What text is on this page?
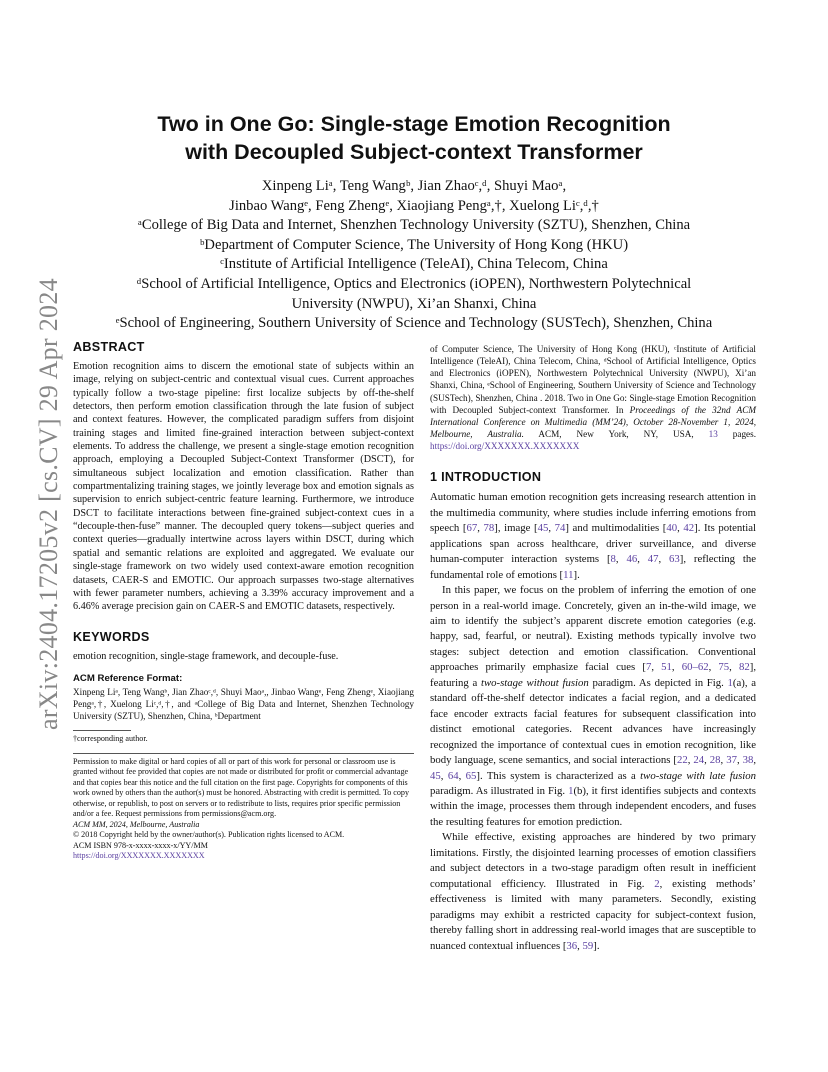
arXiv:2404.17205v2 [cs.CV] 29 Apr 2024
Two in One Go: Single-stage Emotion Recognition
with Decoupled Subject-context Transformer

Xinpeng Liᵃ, Teng Wangᵇ, Jian Zhaoᶜ,ᵈ, Shuyi Maoᵃ,

Jinbao Wangᵉ, Feng Zhengᵉ, Xiaojiang Pengᵃ,†, Xuelong Liᶜ,ᵈ,†

ᵃCollege of Big Data and Internet, Shenzhen Technology University (SZTU), Shenzhen, China

ᵇDepartment of Computer Science, The University of Hong Kong (HKU)

ᶜInstitute of Artificial Intelligence (TeleAI), China Telecom, China

ᵈSchool of Artificial Intelligence, Optics and Electronics (iOPEN), Northwestern Polytechnical

University (NWPU), Xi’an Shanxi, China

ᵉSchool of Engineering, Southern University of Science and Technology (SUSTech), Shenzhen, China

ABSTRACT
Emotion recognition aims to discern the emotional state of subjects within an image, relying on subject-centric and contextual visual cues. Current approaches typically follow a two-stage pipeline: first localize subjects by off-the-shelf detectors, then perform emotion classification through the late fusion of subject and context features. However, the complicated paradigm suffers from disjoint training stages and limited fine-grained interaction between subject-context elements. To address the challenge, we present a single-stage emotion recognition approach, employing a Decoupled Subject-Context Transformer (DSCT), for simultaneous subject localization and emotion classification. Rather than compartmentalizing training stages, we jointly leverage box and emotion signals as supervision to enrich subject-centric feature learning. Furthermore, we introduce DSCT to facilitate interactions between fine-grained subject-context cues in a “decouple-then-fuse” manner. The decoupled query tokens—subject queries and context queries—gradually intertwine across layers within DSCT, during which spatial and semantic relations are exploited and aggregated. We evaluate our single-stage framework on two widely used context-aware emotion recognition datasets, CAER-S and EMOTIC. Our approach surpasses two-stage alternatives with fewer parameter numbers, achieving a 3.39% accuracy improvement and a 6.46% average precision gain on CAER-S and EMOTIC datasets, respectively.
KEYWORDS
emotion recognition, single-stage framework, and decouple-fuse.
ACM Reference Format:
Xinpeng Liᵃ, Teng Wangᵇ, Jian Zhaoᶜ,ᵈ, Shuyi Maoᵃ,, Jinbao Wangᵉ, Feng Zhengᵉ, Xiaojiang Pengᵃ,†, Xuelong Liᶜ,ᵈ,†, and ᵃCollege of Big Data and Internet, Shenzhen Technology University (SZTU), Shenzhen, China, ᵇDepartment
†corresponding author.
Permission to make digital or hard copies of all or part of this work for personal or classroom use is granted without fee provided that copies are not made or distributed for profit or commercial advantage and that copies bear this notice and the full citation on the first page. Copyrights for components of this work owned by others than the author(s) must be honored. Abstracting with credit is permitted. To copy otherwise, or republish, to post on servers or to redistribute to lists, requires prior specific permission and/or a fee. Request permissions from permissions@acm.org.
ACM MM, 2024, Melbourne, Australia
© 2018 Copyright held by the owner/author(s). Publication rights licensed to ACM.
ACM ISBN 978-x-xxxx-xxxx-x/YY/MM
https://doi.org/XXXXXXX.XXXXXXX
of Computer Science, The University of Hong Kong (HKU), ᶜInstitute of Artificial Intelligence (TeleAI), China Telecom, China, ᵈSchool of Artificial Intelligence, Optics and Electronics (iOPEN), Northwestern Polytechnical University (NWPU), Xi’an Shanxi, China, ᵉSchool of Engineering, Southern University of Science and Technology (SUSTech), Shenzhen, China . 2018. Two in One Go: Single-stage Emotion Recognition with Decoupled Subject-context Transformer. In Proceedings of the 32nd ACM International Conference on Multimedia (MM’24), October 28-November 1, 2024, Melbourne, Australia. ACM, New York, NY, USA, 13 pages. https://doi.org/XXXXXXX.XXXXXXX
1 INTRODUCTION

Automatic human emotion recognition gets increasing research attention in the multimedia community, where studies include inferring emotions from speech [67, 78], image [45, 74] and multimodalities [40, 42]. Its potential applications span across healthcare, driver surveillance, and diverse human-computer interaction systems [8, 46, 47, 63], reflecting the fundamental role of emotions [11].

In this paper, we focus on the problem of inferring the emotion of one person in a real-world image. Concretely, given an in-the-wild image, we aim to identify the subject’s apparent discrete emotion categories (e.g. happy, sad, fearful, or neutral). Existing methods typically involve two stages: subject detection and emotion classification. Conventional approaches primarily emphasize facial cues [7, 51, 60–62, 75, 82], featuring a two-stage without fusion paradigm. As depicted in Fig. 1(a), a standard off-the-shelf detector indicates a facial region, and a dedicated face encoder extracts facial features for subsequent classification into distinct emotional categories. Recent advances have increasingly recognized the importance of contextual cues in emotion recognition, like body language, scene semantics, and social interactions [22, 24, 28, 37, 38, 45, 64, 65]. This system is characterized as a two-stage with late fusion paradigm. As illustrated in Fig. 1(b), it first identifies subjects and contexts within the image, processes them through independent encoders, and fuses the resulting features for emotion prediction.

While effective, existing approaches are hindered by two primary limitations. Firstly, the disjointed learning processes of emotion classifiers and subject detectors in a two-stage paradigm often result in inefficient computational efficiency. Illustrated in Fig. 2, existing methods’ effectiveness is limited with many parameters. Secondly, existing paradigms may exhibit a restricted capacity for subject-context fusion, thereby falling short in addressing real-world images that are susceptible to nuanced contextual influences [36, 59].
